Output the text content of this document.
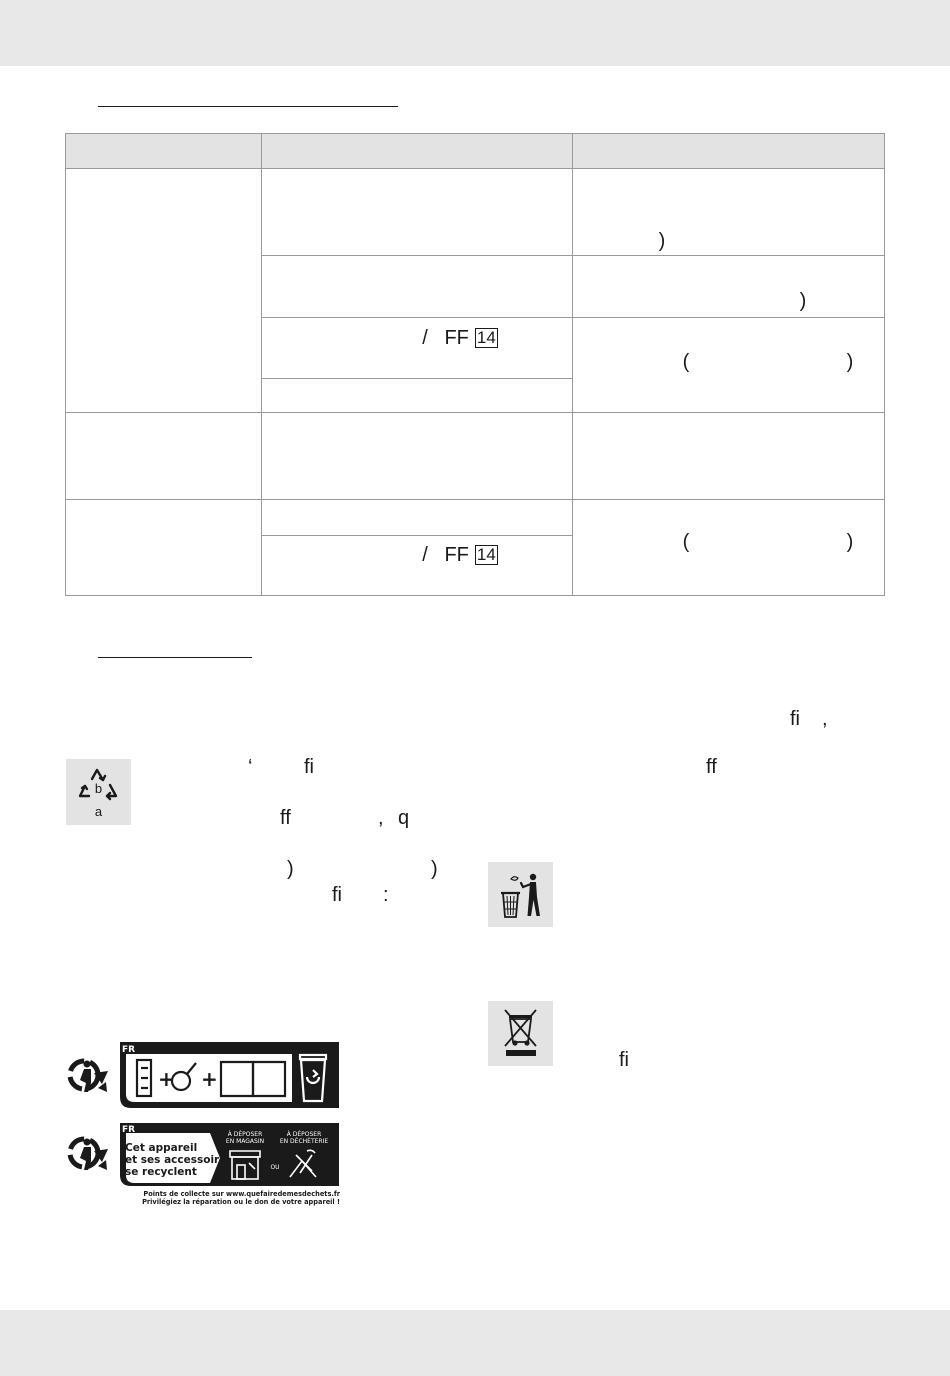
		)

		)

	/ FF 14	( )

		( )

	/ FF 14	
fi ,
‘	fi	ff
ff	, q
)	)
fi :
fi
b
a
FR
+ +
FR
Cet appareil
et ses accessoires
se recyclent
À DÉPOSER
EN MAGASIN
À DÉPOSER
EN DÉCHÈTERIE
OU
Points de collecte sur www.quefairedemesdechets.fr
Privilégiez la réparation ou le don de votre appareil !
